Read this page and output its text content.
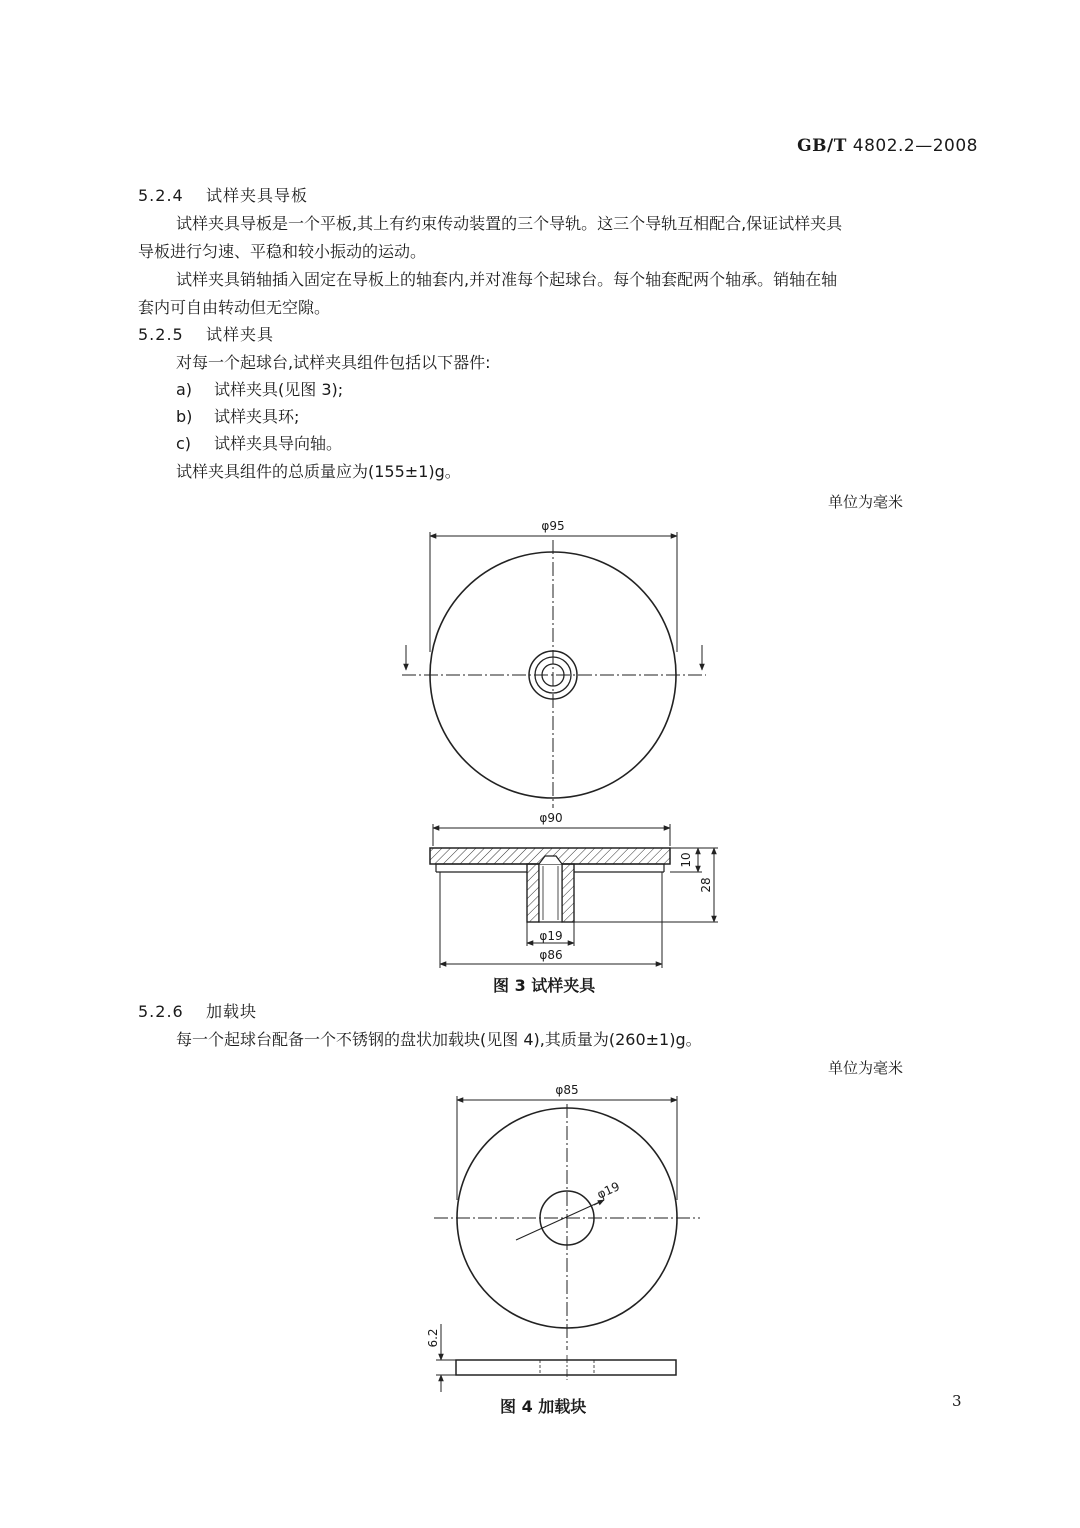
GB/T 4802.2—2008
5.2.4 试样夹具导板
试样夹具导板是一个平板,其上有约束传动装置的三个导轨。这三个导轨互相配合,保证试样夹具
导板进行匀速、平稳和较小振动的运动。
试样夹具销轴插入固定在导板上的轴套内,并对准每个起球台。每个轴套配两个轴承。销轴在轴
套内可自由转动但无空隙。
5.2.5 试样夹具
对每一个起球台,试样夹具组件包括以下器件:
a) 试样夹具(见图 3);
b) 试样夹具环;
c) 试样夹具导向轴。
试样夹具组件的总质量应为(155±1)g。
单位为毫米
φ95
φ90
10
28
φ19
φ86
图 3 试样夹具
5.2.6 加载块
每一个起球台配备一个不锈钢的盘状加载块(见图 4),其质量为(260±1)g。
单位为毫米
φ85
φ19
6.2
图 4 加载块	3
